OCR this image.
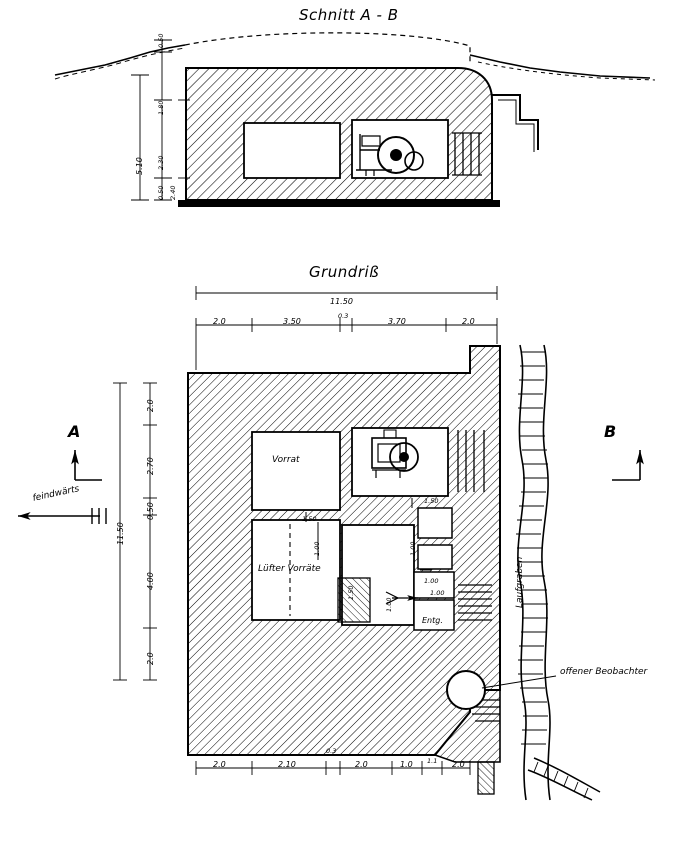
Schnitt A - B
Grundriß
0.50
1.80
5.10 2.30
0.50 2.40
11.50
2.0	3.50
0.3
3.70	2.0
11.50
2.0
2.70
0.50
4.00
2.0
2.0	2.10
0.3
2.0	1.0 1.1 2.0
Vorrat
Lüfter Vorräte
Entg.
offener Beobachter
Laufgraben
A	B
feindwärts
1.50
1.00
1.50
1.00
1.00
1.00
1.00
1.50
